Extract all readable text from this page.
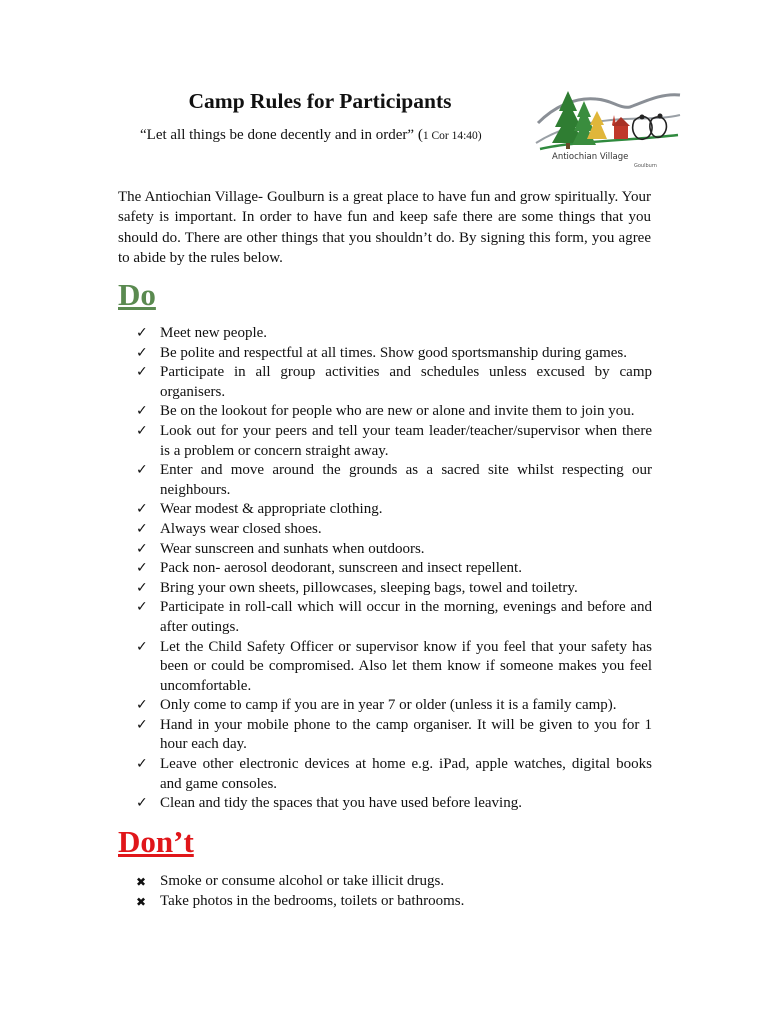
Camp Rules for Participants
“Let all things be done decently and in order” (1 Cor 14:40)
Antiochian Village
Goulburn

The Antiochian Village- Goulburn is a great place to have fun and grow spiritually. Your safety is important. In order to have fun and keep safe there are some things that you should do. There are other things that you shouldn’t do. By signing this form, you agree to abide by the rules below.

Do
✓ Meet new people.
✓ Be polite and respectful at all times. Show good sportsmanship during games.
✓ Participate in all group activities and schedules unless excused by camp organisers.
✓ Be on the lookout for people who are new or alone and invite them to join you.
✓ Look out for your peers and tell your team leader/teacher/supervisor when there is a problem or concern straight away.
✓ Enter and move around the grounds as a sacred site whilst respecting our neighbours.
✓ Wear modest & appropriate clothing.
✓ Always wear closed shoes.
✓ Wear sunscreen and sunhats when outdoors.
✓ Pack non- aerosol deodorant, sunscreen and insect repellent.
✓ Bring your own sheets, pillowcases, sleeping bags, towel and toiletry.
✓ Participate in roll-call which will occur in the morning, evenings and before and after outings.
✓ Let the Child Safety Officer or supervisor know if you feel that your safety has been or could be compromised. Also let them know if someone makes you feel uncomfortable.
✓ Only come to camp if you are in year 7 or older (unless it is a family camp).
✓ Hand in your mobile phone to the camp organiser. It will be given to you for 1 hour each day.
✓ Leave other electronic devices at home e.g. iPad, apple watches, digital books and game consoles.
✓ Clean and tidy the spaces that you have used before leaving.
Don’t
✖ Smoke or consume alcohol or take illicit drugs.
✖ Take photos in the bedrooms, toilets or bathrooms.
